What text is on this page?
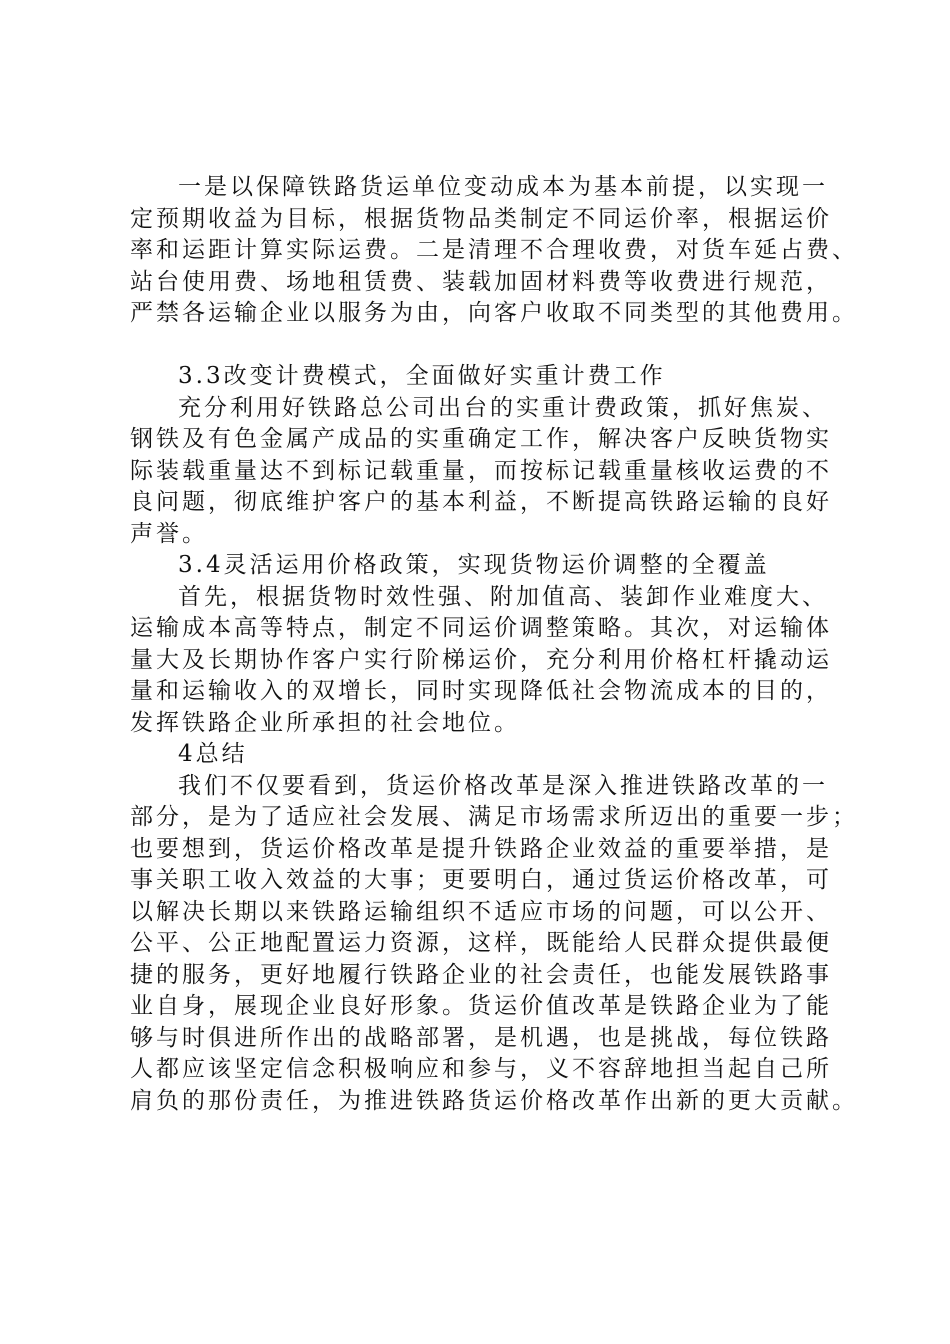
一是以保障铁路货运单位变动成本为基本前提，以实现一
定预期收益为目标，根据货物品类制定不同运价率，根据运价
率和运距计算实际运费。二是清理不合理收费，对货车延占费、
站台使用费、场地租赁费、装载加固材料费等收费进行规范，
严禁各运输企业以服务为由，向客户收取不同类型的其他费用。
3.3改变计费模式，全面做好实重计费工作
充分利用好铁路总公司出台的实重计费政策，抓好焦炭、
钢铁及有色金属产成品的实重确定工作，解决客户反映货物实
际装载重量达不到标记载重量，而按标记载重量核收运费的不
良问题，彻底维护客户的基本利益，不断提高铁路运输的良好
声誉。
3.4灵活运用价格政策，实现货物运价调整的全覆盖
首先，根据货物时效性强、附加值高、装卸作业难度大、
运输成本高等特点，制定不同运价调整策略。其次，对运输体
量大及长期协作客户实行阶梯运价，充分利用价格杠杆撬动运
量和运输收入的双增长，同时实现降低社会物流成本的目的，
发挥铁路企业所承担的社会地位。
4总结
我们不仅要看到，货运价格改革是深入推进铁路改革的一
部分，是为了适应社会发展、满足市场需求所迈出的重要一步；
也要想到，货运价格改革是提升铁路企业效益的重要举措，是
事关职工收入效益的大事；更要明白，通过货运价格改革，可
以解决长期以来铁路运输组织不适应市场的问题，可以公开、
公平、公正地配置运力资源，这样，既能给人民群众提供最便
捷的服务，更好地履行铁路企业的社会责任，也能发展铁路事
业自身，展现企业良好形象。货运价值改革是铁路企业为了能
够与时俱进所作出的战略部署，是机遇，也是挑战，每位铁路
人都应该坚定信念积极响应和参与，义不容辞地担当起自己所
肩负的那份责任，为推进铁路货运价格改革作出新的更大贡献。
